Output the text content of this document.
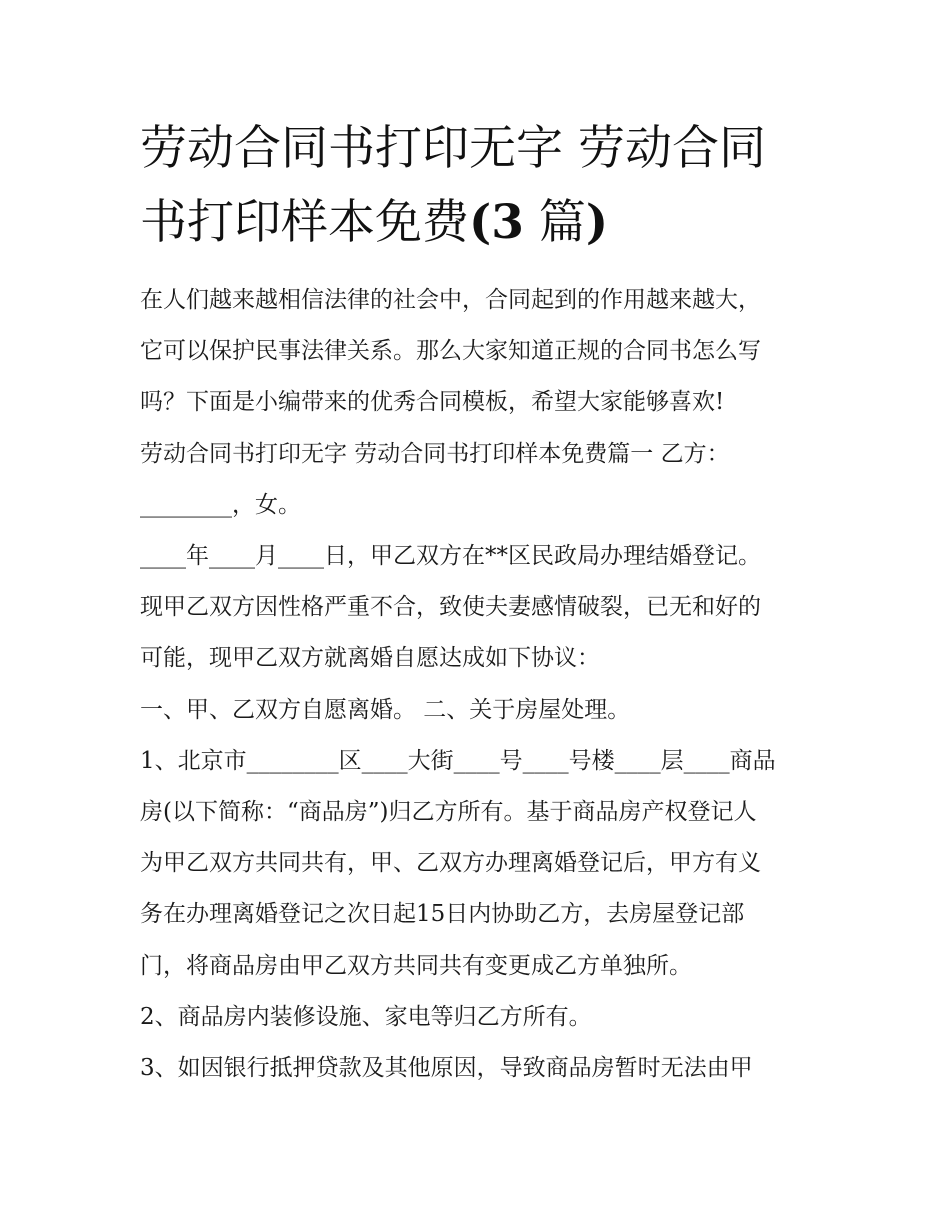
劳动合同书打印无字 劳动合同
书打印样本免费(3 篇)

在人们越来越相信法律的社会中，合同起到的作用越来越大，

它可以保护民事法律关系。那么大家知道正规的合同书怎么写

吗？下面是小编带来的优秀合同模板，希望大家能够喜欢!

劳动合同书打印无字 劳动合同书打印样本免费篇一 乙方：

________，女。

____年____月____日，甲乙双方在**区民政局办理结婚登记。

现甲乙双方因性格严重不合，致使夫妻感情破裂，已无和好的

可能，现甲乙双方就离婚自愿达成如下协议：

一、甲、乙双方自愿离婚。 二、关于房屋处理。

1、北京市________区____大街____号____号楼____层____商品

房(以下简称：“商品房”)归乙方所有。基于商品房产权登记人

为甲乙双方共同共有，甲、乙双方办理离婚登记后，甲方有义

务在办理离婚登记之次日起15日内协助乙方，去房屋登记部

门，将商品房由甲乙双方共同共有变更成乙方单独所。

2、商品房内装修设施、家电等归乙方所有。

3、如因银行抵押贷款及其他原因，导致商品房暂时无法由甲
